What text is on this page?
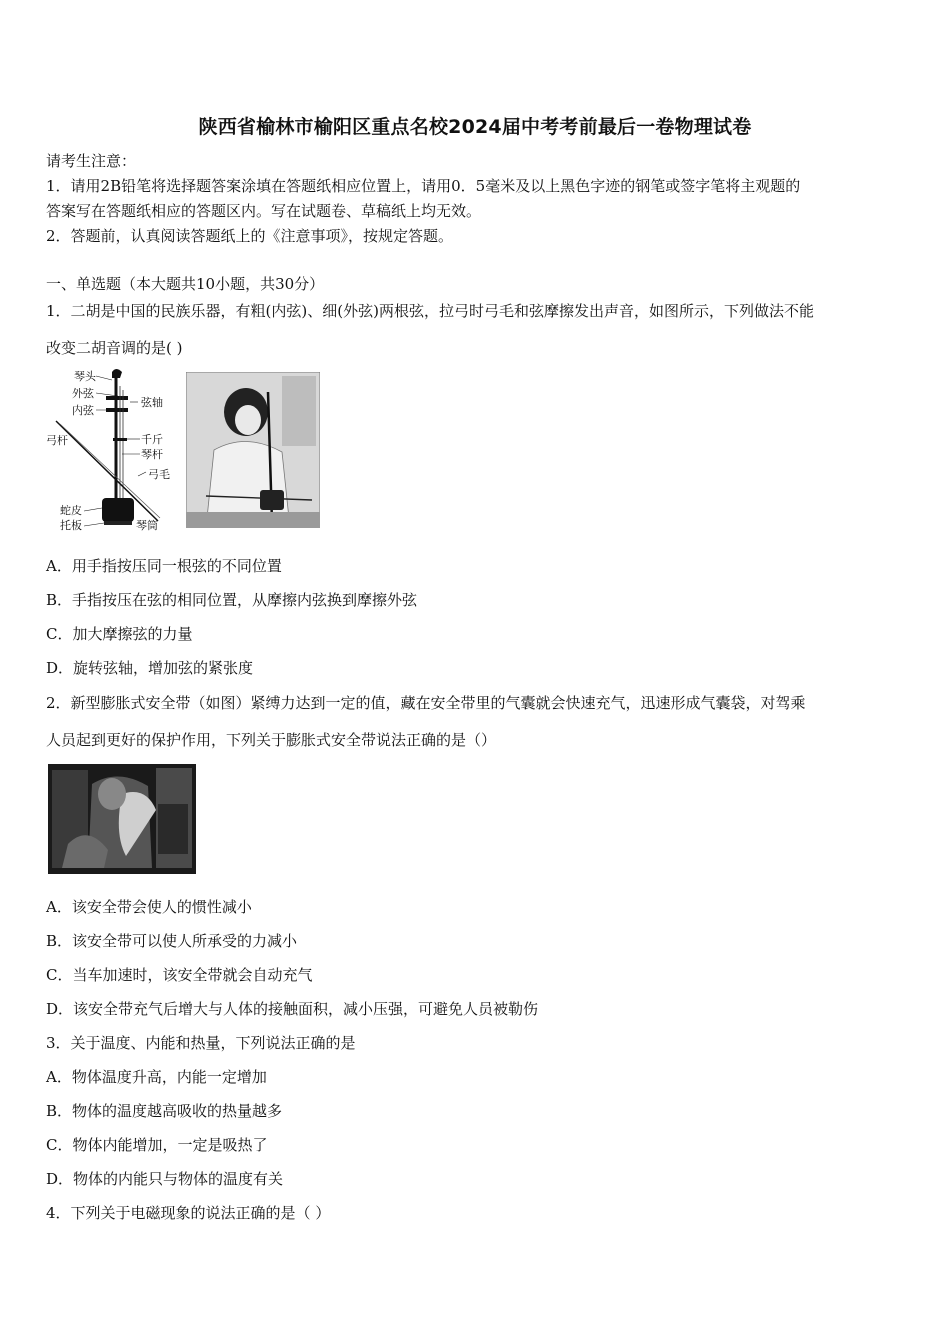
陕西省榆林市榆阳区重点名校2024届中考考前最后一卷物理试卷
请考生注意：
1．请用2B铅笔将选择题答案涂填在答题纸相应位置上，请用0．5毫米及以上黑色字迹的钢笔或签字笔将主观题的
答案写在答题纸相应的答题区内。写在试题卷、草稿纸上均无效。
2．答题前，认真阅读答题纸上的《注意事项》，按规定答题。
一、单选题（本大题共10小题，共30分）
1．二胡是中国的民族乐器，有粗(内弦)、细(外弦)两根弦，拉弓时弓毛和弦摩擦发出声音，如图所示，下列做法不能
改变二胡音调的是( )
琴头
外弦
内弦
弦轴
弓杆	千斤
琴杆
弓毛
蛇皮
托板	琴筒
A．用手指按压同一根弦的不同位置
B．手指按压在弦的相同位置，从摩擦内弦换到摩擦外弦
C．加大摩擦弦的力量
D．旋转弦轴，增加弦的紧张度
2．新型膨胀式安全带（如图）紧缚力达到一定的值，藏在安全带里的气囊就会快速充气，迅速形成气囊袋，对驾乘
人员起到更好的保护作用，下列关于膨胀式安全带说法正确的是（）
A．该安全带会使人的惯性减小
B．该安全带可以使人所承受的力减小
C．当车加速时，该安全带就会自动充气
D．该安全带充气后增大与人体的接触面积，减小压强，可避免人员被勒伤
3．关于温度、内能和热量，下列说法正确的是
A．物体温度升高，内能一定增加
B．物体的温度越高吸收的热量越多
C．物体内能增加，一定是吸热了
D．物体的内能只与物体的温度有关
4．下列关于电磁现象的说法正确的是（ ）
